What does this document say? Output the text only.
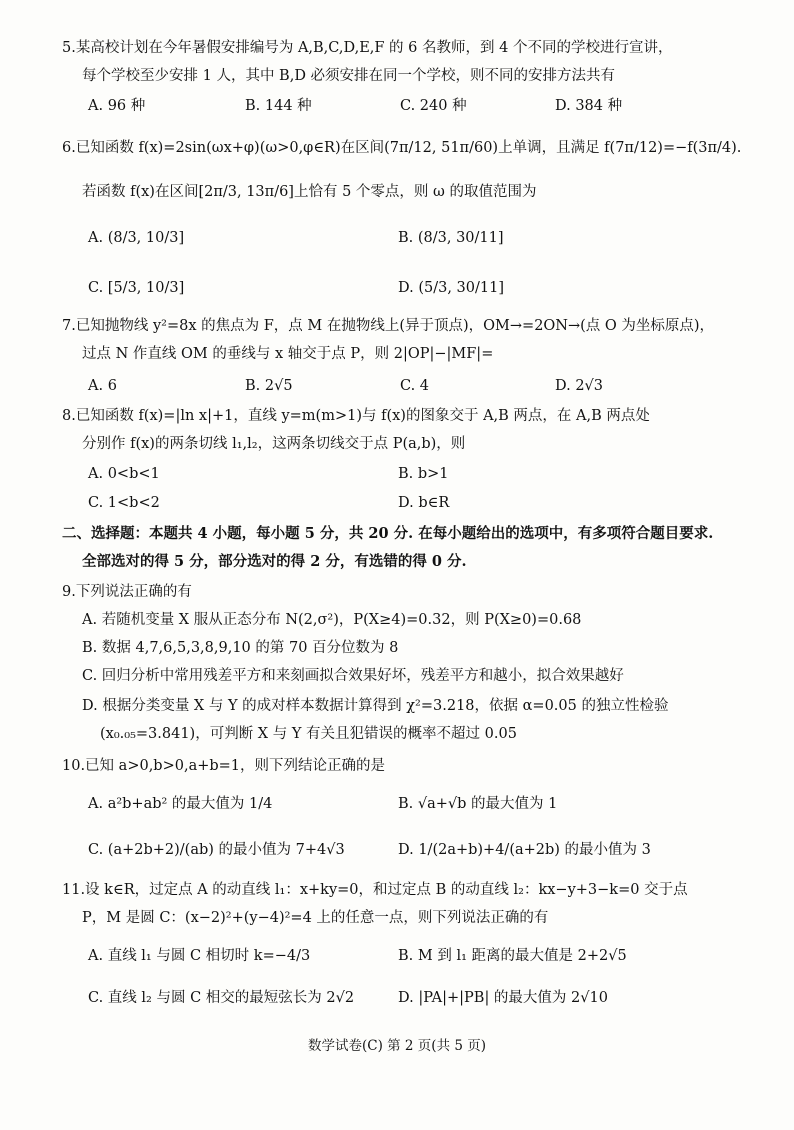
5.某高校计划在今年暑假安排编号为 A,B,C,D,E,F 的 6 名教师，到 4 个不同的学校进行宣讲，
每个学校至少安排 1 人，其中 B,D 必须安排在同一个学校，则不同的安排方法共有
A. 96 种	B. 144 种	C. 240 种	D. 384 种
6.已知函数 f(x)=2sin(ωx+φ)(ω>0,φ∈R)在区间(7π/12, 51π/60)上单调，且满足 f(7π/12)=−f(3π/4).
若函数 f(x)在区间[2π/3, 13π/6]上恰有 5 个零点，则 ω 的取值范围为
A. (8/3, 10/3]	B. (8/3, 30/11]
C. [5/3, 10/3]	D. (5/3, 30/11]
7.已知抛物线 y²=8x 的焦点为 F，点 M 在抛物线上(异于顶点)，OM→=2ON→(点 O 为坐标原点)，
过点 N 作直线 OM 的垂线与 x 轴交于点 P，则 2|OP|−|MF|=
A. 6	B. 2√5	C. 4	D. 2√3
8.已知函数 f(x)=|ln x|+1，直线 y=m(m>1)与 f(x)的图象交于 A,B 两点，在 A,B 两点处
分别作 f(x)的两条切线 l₁,l₂，这两条切线交于点 P(a,b)，则
A. 0<b<1	B. b>1
C. 1<b<2	D. b∈R
二、选择题：本题共 4 小题，每小题 5 分，共 20 分. 在每小题给出的选项中，有多项符合题目要求.
全部选对的得 5 分，部分选对的得 2 分，有选错的得 0 分.
9.下列说法正确的有
A. 若随机变量 X 服从正态分布 N(2,σ²)，P(X≥4)=0.32，则 P(X≥0)=0.68
B. 数据 4,7,6,5,3,8,9,10 的第 70 百分位数为 8
C. 回归分析中常用残差平方和来刻画拟合效果好坏，残差平方和越小，拟合效果越好
D. 根据分类变量 X 与 Y 的成对样本数据计算得到 χ²=3.218，依据 α=0.05 的独立性检验
(x₀.₀₅=3.841)，可判断 X 与 Y 有关且犯错误的概率不超过 0.05
10.已知 a>0,b>0,a+b=1，则下列结论正确的是
A. a²b+ab² 的最大值为 1/4	B. √a+√b 的最大值为 1
C. (a+2b+2)/(ab) 的最小值为 7+4√3	D. 1/(2a+b)+4/(a+2b) 的最小值为 3
11.设 k∈R，过定点 A 的动直线 l₁：x+ky=0，和过定点 B 的动直线 l₂：kx−y+3−k=0 交于点
P，M 是圆 C：(x−2)²+(y−4)²=4 上的任意一点，则下列说法正确的有
A. 直线 l₁ 与圆 C 相切时 k=−4/3	B. M 到 l₁ 距离的最大值是 2+2√5
C. 直线 l₂ 与圆 C 相交的最短弦长为 2√2	D. |PA|+|PB| 的最大值为 2√10
数学试卷(C) 第 2 页(共 5 页)
